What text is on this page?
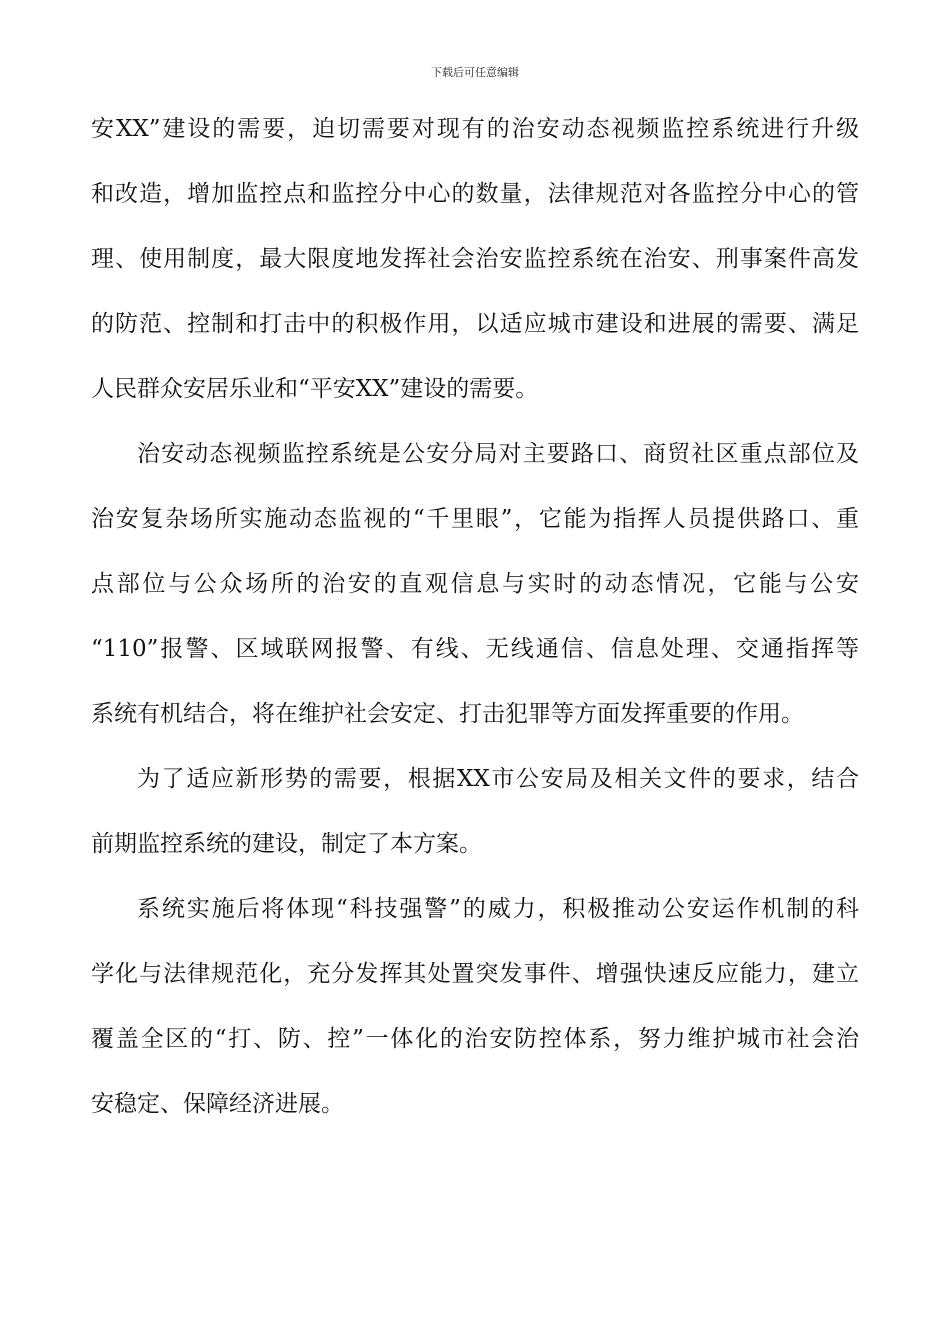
下载后可任意编辑
安XX”建设的需要，迫切需要对现有的治安动态视频监控系统进行升级
和改造，增加监控点和监控分中心的数量，法律规范对各监控分中心的管
理、使用制度，最大限度地发挥社会治安监控系统在治安、刑事案件高发
的防范、控制和打击中的积极作用，以适应城市建设和进展的需要、满足
人民群众安居乐业和“平安XX”建设的需要。
治安动态视频监控系统是公安分局对主要路口、商贸社区重点部位及
治安复杂场所实施动态监视的“千里眼”，它能为指挥人员提供路口、重
点部位与公众场所的治安的直观信息与实时的动态情况，它能与公安
“110”报警、区域联网报警、有线、无线通信、信息处理、交通指挥等
系统有机结合，将在维护社会安定、打击犯罪等方面发挥重要的作用。
为了适应新形势的需要，根据XX市公安局及相关文件的要求，结合
前期监控系统的建设，制定了本方案。
系统实施后将体现“科技强警”的威力，积极推动公安运作机制的科
学化与法律规范化，充分发挥其处置突发事件、增强快速反应能力，建立
覆盖全区的“打、防、控”一体化的治安防控体系，努力维护城市社会治
安稳定、保障经济进展。
